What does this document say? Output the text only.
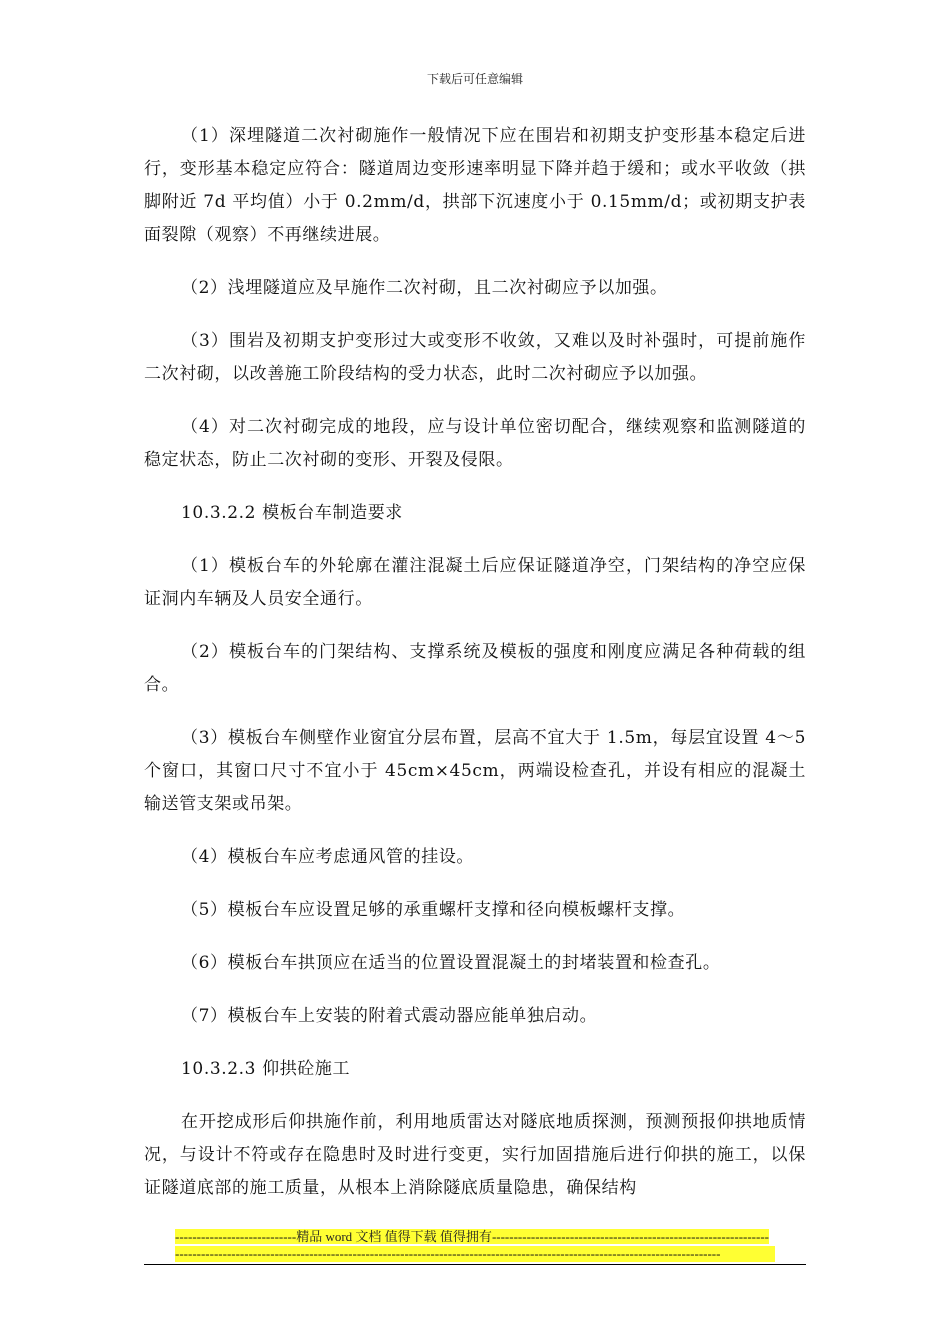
下载后可任意编辑

（1）深埋隧道二次衬砌施作一般情况下应在围岩和初期支护变形基本稳定后进行，变形基本稳定应符合：隧道周边变形速率明显下降并趋于缓和；或水平收敛（拱脚附近 7d 平均值）小于 0.2mm/d，拱部下沉速度小于 0.15mm/d；或初期支护表面裂隙（观察）不再继续进展。

（2）浅埋隧道应及早施作二次衬砌，且二次衬砌应予以加强。

（3）围岩及初期支护变形过大或变形不收敛，又难以及时补强时，可提前施作二次衬砌，以改善施工阶段结构的受力状态，此时二次衬砌应予以加强。

（4）对二次衬砌完成的地段，应与设计单位密切配合，继续观察和监测隧道的稳定状态，防止二次衬砌的变形、开裂及侵限。

10.3.2.2 模板台车制造要求

（1）模板台车的外轮廓在灌注混凝土后应保证隧道净空，门架结构的净空应保证洞内车辆及人员安全通行。

（2）模板台车的门架结构、支撑系统及模板的强度和刚度应满足各种荷载的组合。

（3）模板台车侧壁作业窗宜分层布置，层高不宜大于 1.5m，每层宜设置 4～5 个窗口，其窗口尺寸不宜小于 45cm×45cm，两端设检查孔，并设有相应的混凝土输送管支架或吊架。

（4）模板台车应考虑通风管的挂设。

（5）模板台车应设置足够的承重螺杆支撑和径向模板螺杆支撑。

（6）模板台车拱顶应在适当的位置设置混凝土的封堵装置和检查孔。

（7）模板台车上安装的附着式震动器应能单独启动。

10.3.2.3 仰拱砼施工

在开挖成形后仰拱施作前，利用地质雷达对隧底地质探测，预测预报仰拱地质情况，与设计不符或存在隐患时及时进行变更，实行加固措施后进行仰拱的施工，以保证隧道底部的施工质量，从根本上消除隧底质量隐患，确保结构

----------------------------精品 word 文档 值得下载 值得拥有----------------------------------------------------------------
------------------------------------------------------------------------------------------------------------------------------
